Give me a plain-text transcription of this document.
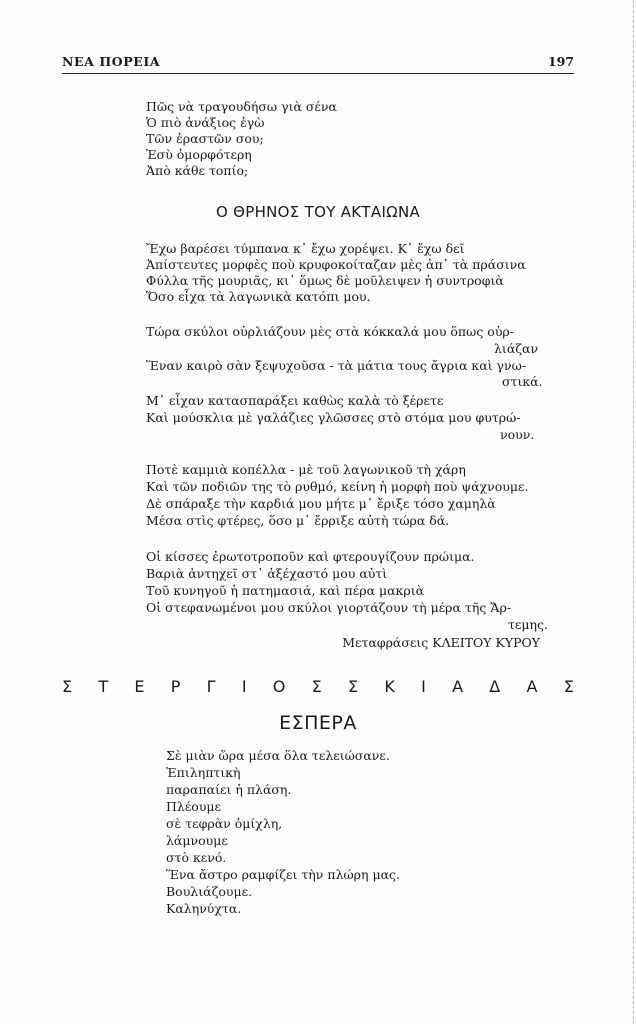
ΝΕΑ ΠΟΡΕΙΑ	197
Πῶς νὰ τραγουδήσω γιὰ σένα
Ὁ πιὸ ἀνάξιος ἐγὼ
Τῶν ἐραστῶν σου;
Ἐσὺ ὀμορφότερη
Ἀπὸ κάθε τοπίο;
Ο ΘΡΗΝΟΣ ΤΟΥ ΑΚΤΑΙΩΝΑ
Ἔχω βαρέσει τύμπανα κ᾽ ἔχω χορέψει. Κ᾽ ἔχω δεῖ
Ἀπίστευτες μορφὲς ποὺ κρυφοκοίταζαν μὲς ἀπ᾽ τὰ πράσινα
Φύλλα τῆς μουριᾶς, κι᾽ ὅμως δὲ μοῦλειψεν ἡ συντροφιὰ
Ὅσο εἶχα τὰ λαγωνικὰ κατόπι μου.
Τώρα σκύλοι οὐρλιάζουν μὲς στὰ κόκκαλά μου ὅπως οὐρ-
λιάζαν
Ἕναν καιρὸ σὰν ξεψυχοῦσα - τὰ μάτια τους ἄγρια καὶ γνω-
στικά.
Μ᾽ εἶχαν κατασπαράξει καθὼς καλὰ τὸ ξέρετε
Καὶ μούσκλια μὲ γαλάζιες γλῶσσες στὸ στόμα μου φυτρώ-
νουν.
Ποτὲ καμμιὰ κοπέλλα - μὲ τοῦ λαγωνικοῦ τὴ χάρη
Καὶ τῶν ποδιῶν της τὸ ρυθμό, κείνη ἡ μορφὴ ποὺ ψάχνουμε.
Δὲ σπάραξε τὴν καρδιά μου μήτε μ᾽ ἔριξε τόσο χαμηλὰ
Μέσα στὶς φτέρες, ὅσο μ᾽ ἔρριξε αὐτὴ τώρα δά.
Οἱ κίσσες ἐρωτοτροποῦν καὶ φτερουγίζουν πρώιμα.
Βαριὰ ἀντηχεῖ στ᾽ ἀξέχαστό μου αὐτὶ
Τοῦ κυνηγοῦ ἡ πατημασιά, καὶ πέρα μακριὰ
Οἱ στεφανωμένοι μου σκύλοι γιορτάζουν τὴ μέρα τῆς Ἄρ-
τεμης.
Μεταφράσεις ΚΛΕΙΤΟΥ ΚΥΡΟΥ
Σ Τ Ε Ρ Γ Ι Ο Σ Σ Κ Ι Α Δ Α Σ
ΕΣΠΕΡΑ
Σὲ μιὰν ὥρα μέσα ὅλα τελειώσανε.
Ἐπιληπτικὴ
παραπαίει ἡ πλάση.
Πλέουμε
σὲ τεφρὰν ὁμίχλη,
λάμνουμε
στὸ κενό.
Ἕνα ἄστρο ραμφίζει τὴν πλώρη μας.
Βουλιάζουμε.
Καληνύχτα.
